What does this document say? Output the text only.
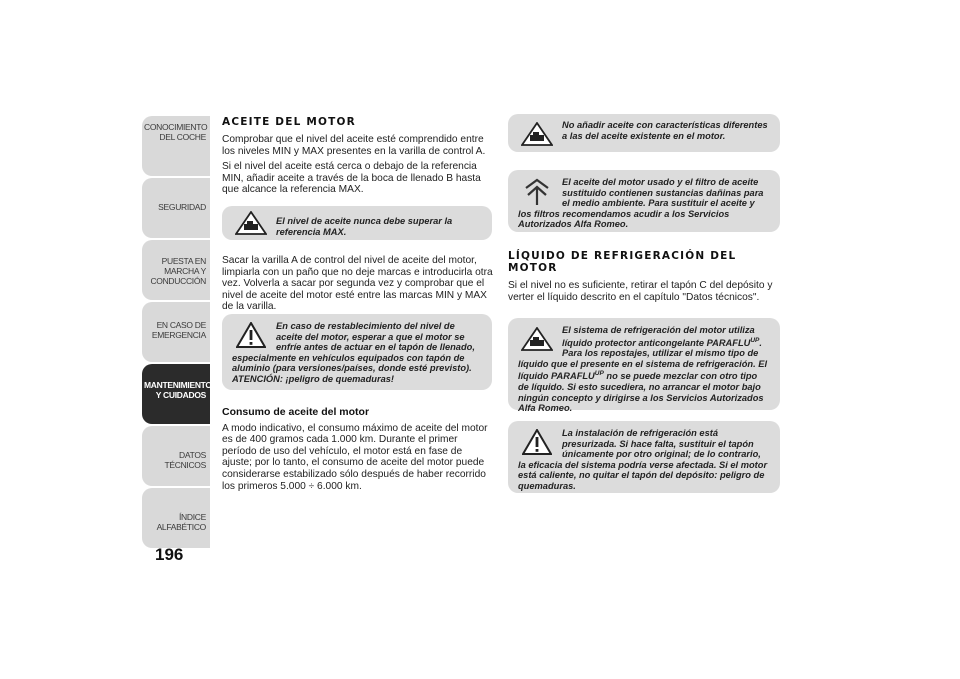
CONOCIMIENTO DEL COCHE
SEGURIDAD
PUESTA EN MARCHA Y CONDUCCIÓN
EN CASO DE EMERGENCIA
MANTENIMIENTO Y CUIDADOS
DATOS TÉCNICOS
ÍNDICE ALFABÉTICO
196
ACEITE DEL MOTOR

Comprobar que el nivel del aceite esté comprendido entre los niveles MIN y MAX presentes en la varilla de control A.

Si el nivel del aceite está cerca o debajo de la referencia MIN, añadir aceite a través de la boca de llenado B hasta que alcance la referencia MAX.

El nivel de aceite nunca debe superar la referencia MAX.

Sacar la varilla A de control del nivel de aceite del motor, limpiarla con un paño que no deje marcas e introducirla otra vez. Volverla a sacar por segunda vez y comprobar que el nivel de aceite del motor esté entre las marcas MIN y MAX de la varilla.

En caso de restablecimiento del nivel de aceite del motor, esperar a que el motor se enfríe antes de actuar en el tapón de llenado, especialmente en vehículos equipados con tapón de aluminio (para versiones/países, donde esté previsto). ATENCIÓN: ¡peligro de quemaduras!
Consumo de aceite del motor

A modo indicativo, el consumo máximo de aceite del motor es de 400 gramos cada 1.000 km. Durante el primer período de uso del vehículo, el motor está en fase de ajuste; por lo tanto, el consumo de aceite del motor puede considerarse estabilizado sólo después de haber recorrido los primeros 5.000 ÷ 6.000 km.

No añadir aceite con características diferentes a las del aceite existente en el motor.
El aceite del motor usado y el filtro de aceite sustituido contienen sustancias dañinas para el medio ambiente. Para sustituir el aceite y los filtros recomendamos acudir a los Servicios Autorizados Alfa Romeo.
LÍQUIDO DE REFRIGERACIÓN DEL MOTOR

Si el nivel no es suficiente, retirar el tapón C del depósito y verter el líquido descrito en el capítulo "Datos técnicos".

El sistema de refrigeración del motor utiliza líquido protector anticongelante $PARAFLU^{UP}$. Para los repostajes, utilizar el mismo tipo de líquido que el presente en el sistema de refrigeración. El líquido $PARAFLU^{UP}$ no se puede mezclar con otro tipo de líquido. Si esto sucediera, no arrancar el motor bajo ningún concepto y dirigirse a los Servicios Autorizados Alfa Romeo.
La instalación de refrigeración está presurizada. Si hace falta, sustituir el tapón únicamente por otro original; de lo contrario, la eficacia del sistema podría verse afectada. Si el motor está caliente, no quitar el tapón del depósito: peligro de quemaduras.
